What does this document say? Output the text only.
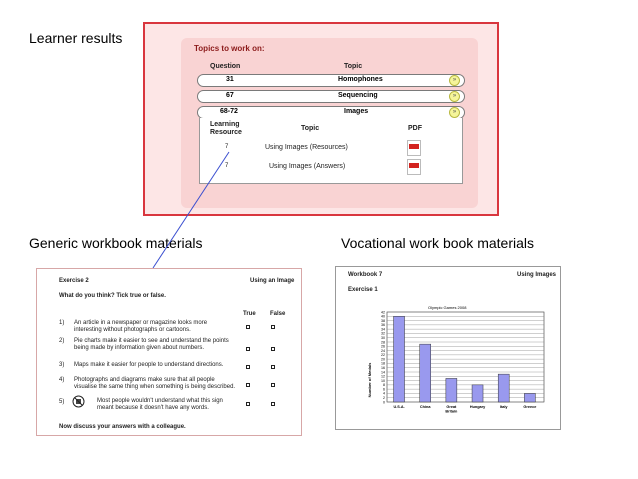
Learner results
Generic workbook materials	Vocational work book materials
Topics to work on:
Question	Topic
31	Homophones	»
67	Sequencing	»
68-72	Images	»
Learning
Resource
Topic	PDF
7	Using Images (Resources)
7	Using Images (Answers)
Exercise 2	Using an Image
What do you think? Tick true or false.
True False
1) An article in a newspaper or magazine looks more
interesting without photographs or cartoons.
2) Pie charts make it easier to see and understand the points
being made by information given about numbers.
3) Maps make it easier for people to understand directions.
4) Photographs and diagrams make sure that all people
visualise the same thing when something is being described.
5)	Most people wouldn't understand what this sign
meant because it doesn't have any words.
Now discuss your answers with a colleague.
Workbook 7	Using Images
Exercise 1
Olympic Games 2008
Number of Medals
42
40
38
36
34
32
30
28
26
24
22
20
18
16
14
12
10
8
6
4
2
0
U.S.A.	China	Great
Britain
Hungary	Italy	Greece
